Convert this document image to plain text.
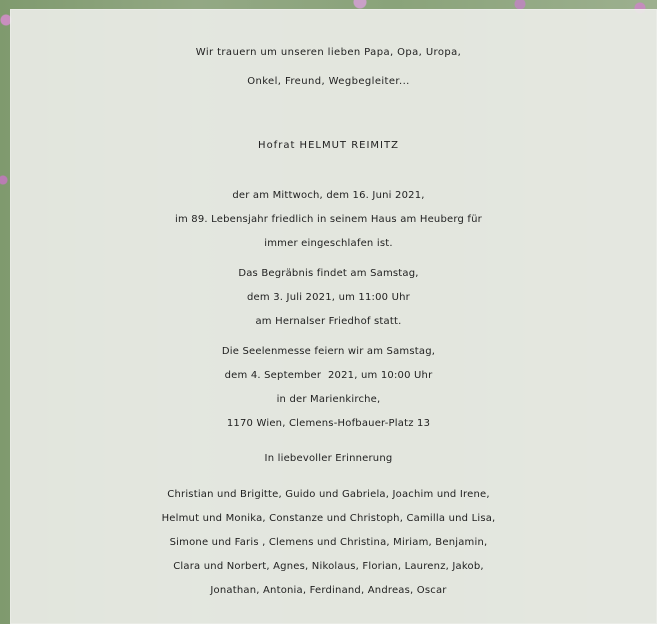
Wir trauern um unseren lieben Papa, Opa, Uropa,
Onkel, Freund, Wegbegleiter...
Hofrat HELMUT REIMITZ
der am Mittwoch, dem 16. Juni 2021,
im 89. Lebensjahr friedlich in seinem Haus am Heuberg für
immer eingeschlafen ist.
Das Begräbnis findet am Samstag,
dem 3. Juli 2021, um 11:00 Uhr
am Hernalser Friedhof statt.
Die Seelenmesse feiern wir am Samstag,
dem 4. September  2021, um 10:00 Uhr
in der Marienkirche,
1170 Wien, Clemens-Hofbauer-Platz 13
In liebevoller Erinnerung
Christian und Brigitte, Guido und Gabriela, Joachim und Irene,
Helmut und Monika, Constanze und Christoph, Camilla und Lisa,
Simone und Faris , Clemens und Christina, Miriam, Benjamin,
Clara und Norbert, Agnes, Nikolaus, Florian, Laurenz, Jakob,
Jonathan, Antonia, Ferdinand, Andreas, Oscar
